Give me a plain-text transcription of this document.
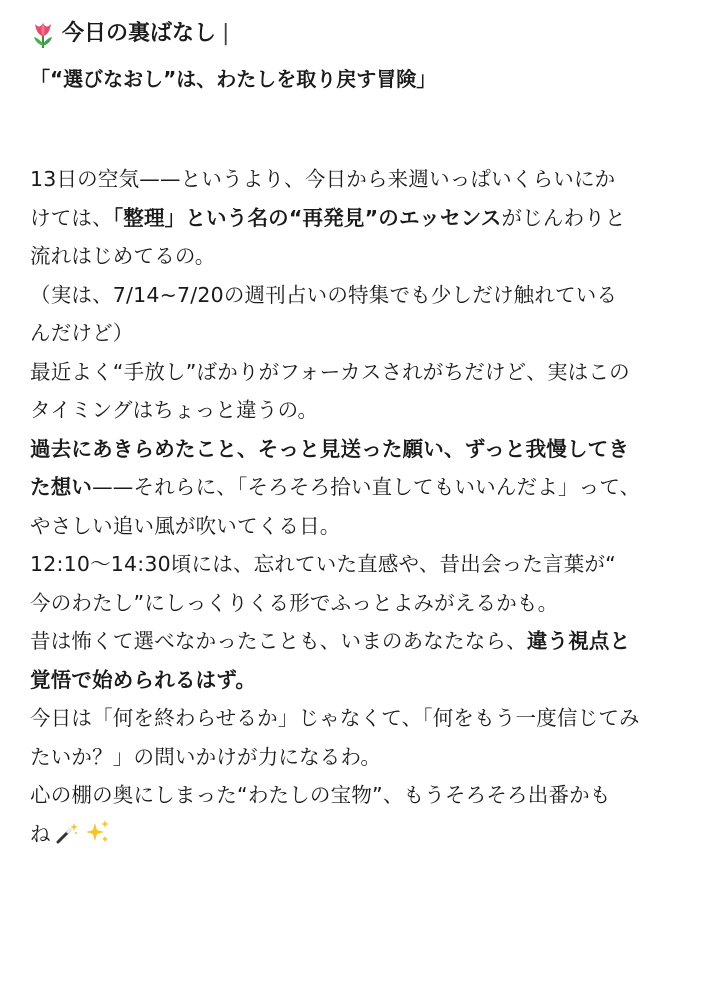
今日の裏ばなし |
「“選びなおし”は、わたしを取り戻す冒険」
13日の空気——というより、今日から来週いっぱいくらいにか
けては、「整理」という名の“再発見”のエッセンスがじんわりと
流れはじめてるの。
（実は、7/14~7/20の週刊占いの特集でも少しだけ触れている
んだけど）
最近よく“手放し”ばかりがフォーカスされがちだけど、実はこの
タイミングはちょっと違うの。
過去にあきらめたこと、そっと見送った願い、ずっと我慢してき
た想い——それらに、「そろそろ拾い直してもいいんだよ」って、
やさしい追い風が吹いてくる日。
12:10〜14:30頃には、忘れていた直感や、昔出会った言葉が“
今のわたし”にしっくりくる形でふっとよみがえるかも。
昔は怖くて選べなかったことも、いまのあなたなら、違う視点と
覚悟で始められるはず。
今日は「何を終わらせるか」じゃなくて、「何をもう一度信じてみ
たいか？」の問いかけが力になるわ。
心の棚の奥にしまった“わたしの宝物”、もうそろそろ出番かも
ね
